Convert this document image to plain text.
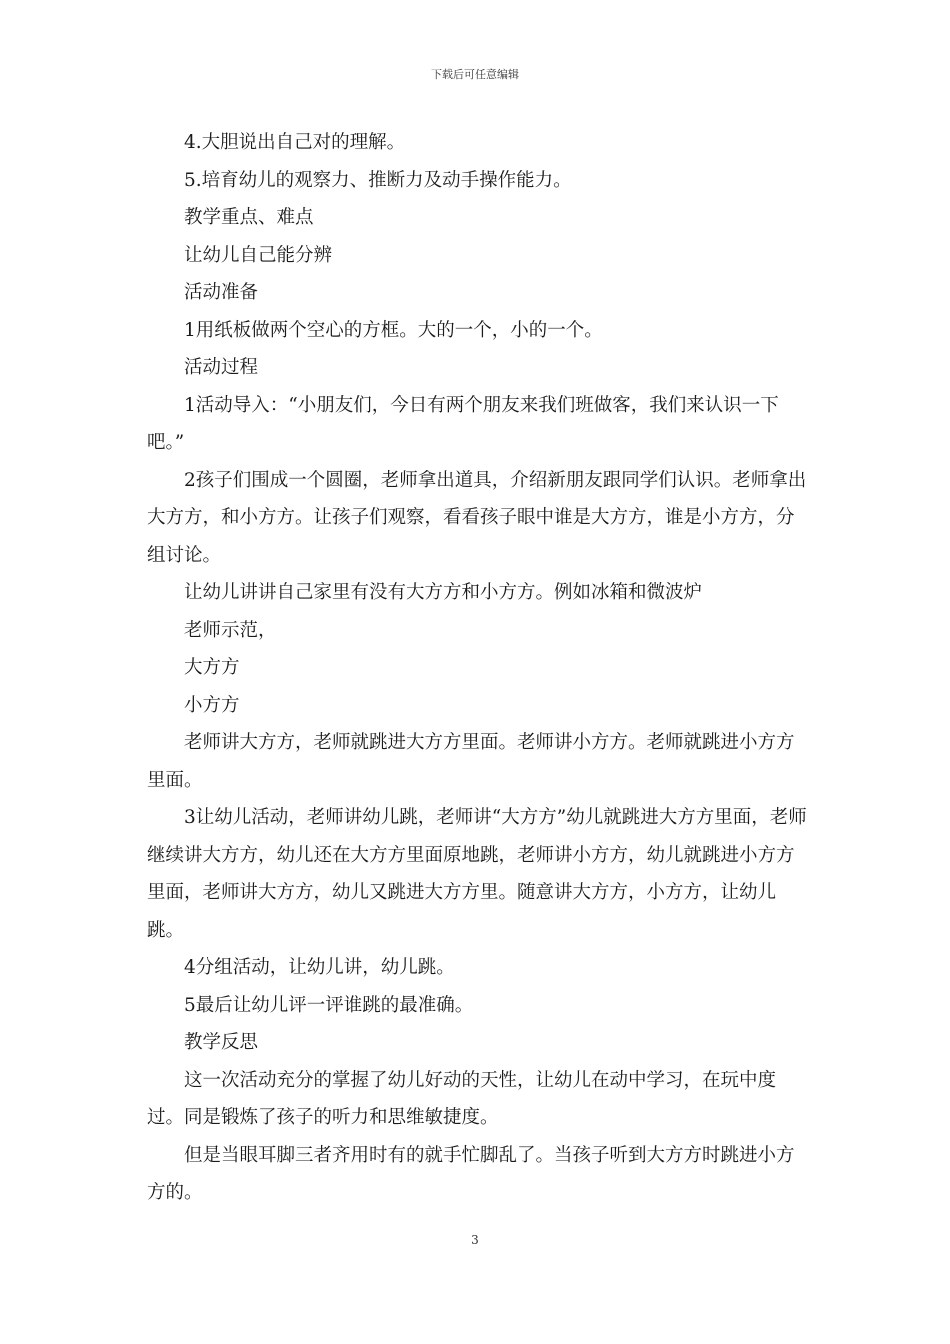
下载后可任意编辑

4.大胆说出自己对的理解。

5.培育幼儿的观察力、推断力及动手操作能力。

教学重点、难点

让幼儿自己能分辨

活动准备

1用纸板做两个空心的方框。大的一个，小的一个。

活动过程

1活动导入：“小朋友们，今日有两个朋友来我们班做客，我们来认识一下吧。”

2孩子们围成一个圆圈，老师拿出道具，介绍新朋友跟同学们认识。老师拿出大方方，和小方方。让孩子们观察，看看孩子眼中谁是大方方，谁是小方方，分组讨论。

让幼儿讲讲自己家里有没有大方方和小方方。例如冰箱和微波炉

老师示范，

大方方

小方方

老师讲大方方，老师就跳进大方方里面。老师讲小方方。老师就跳进小方方里面。

3让幼儿活动，老师讲幼儿跳，老师讲“大方方”幼儿就跳进大方方里面，老师继续讲大方方，幼儿还在大方方里面原地跳，老师讲小方方，幼儿就跳进小方方里面，老师讲大方方，幼儿又跳进大方方里。随意讲大方方，小方方，让幼儿跳。

4分组活动，让幼儿讲，幼儿跳。

5最后让幼儿评一评谁跳的最准确。

教学反思

这一次活动充分的掌握了幼儿好动的天性，让幼儿在动中学习，在玩中度过。同是锻炼了孩子的听力和思维敏捷度。

但是当眼耳脚三者齐用时有的就手忙脚乱了。当孩子听到大方方时跳进小方方的。

3
